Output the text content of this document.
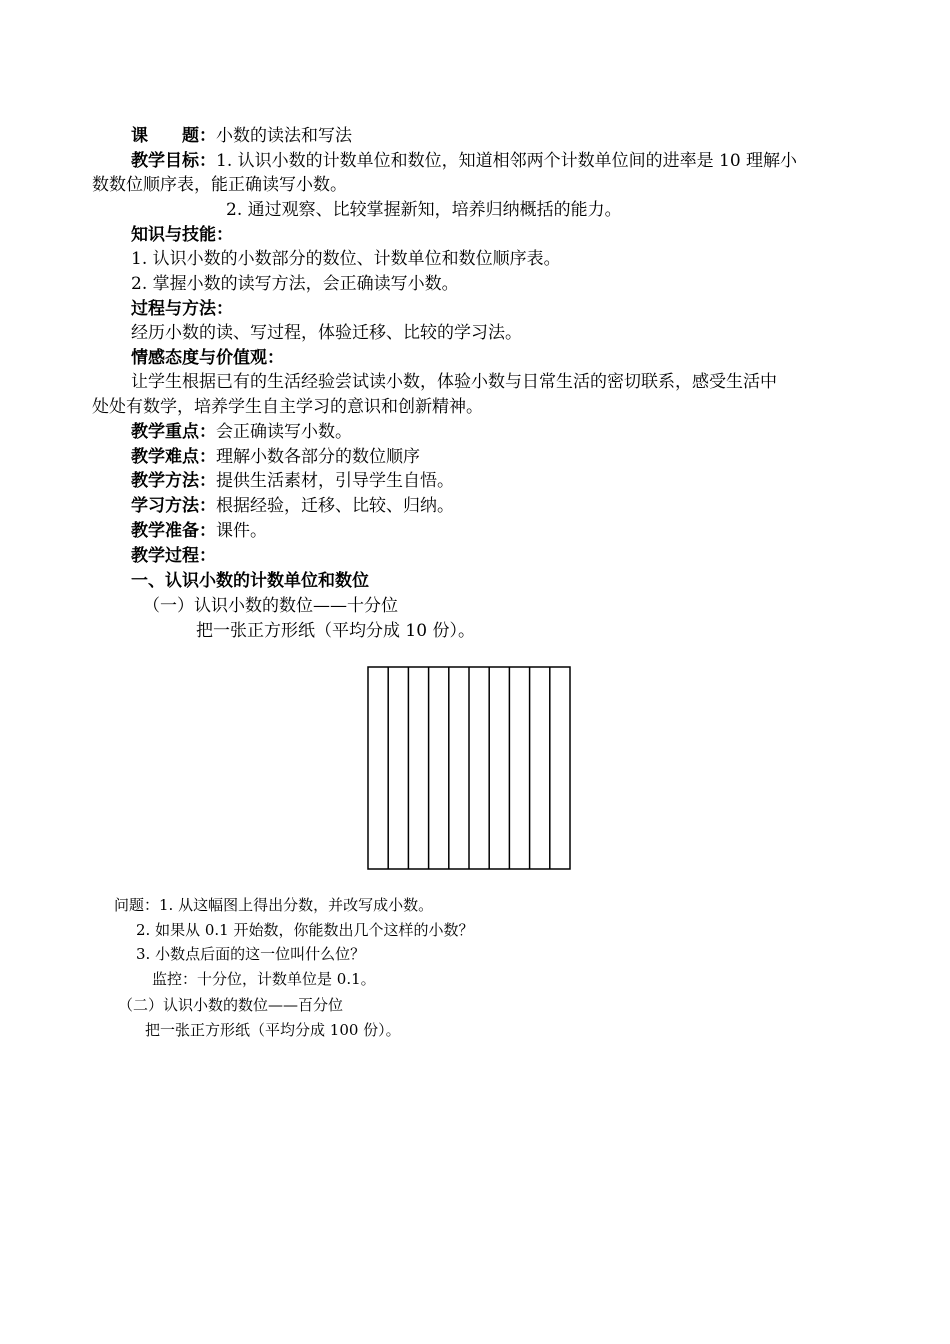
课　　题：小数的读法和写法
教学目标：1. 认识小数的计数单位和数位，知道相邻两个计数单位间的进率是 10 理解小
数数位顺序表，能正确读写小数。
2. 通过观察、比较掌握新知，培养归纳概括的能力。
知识与技能：
1. 认识小数的小数部分的数位、计数单位和数位顺序表。
2. 掌握小数的读写方法，会正确读写小数。
过程与方法：
经历小数的读、写过程，体验迁移、比较的学习法。
情感态度与价值观：
让学生根据已有的生活经验尝试读小数，体验小数与日常生活的密切联系，感受生活中
处处有数学，培养学生自主学习的意识和创新精神。
教学重点：会正确读写小数。
教学难点：理解小数各部分的数位顺序
教学方法：提供生活素材，引导学生自悟。
学习方法：根据经验，迁移、比较、归纳。
教学准备：课件。
教学过程：
一、认识小数的计数单位和数位
（一）认识小数的数位——十分位
把一张正方形纸（平均分成 10 份）。
问题：1. 从这幅图上得出分数，并改写成小数。
2. 如果从 0.1 开始数，你能数出几个这样的小数？
3. 小数点后面的这一位叫什么位？
监控：十分位，计数单位是 0.1。
（二）认识小数的数位——百分位
把一张正方形纸（平均分成 100 份）。
